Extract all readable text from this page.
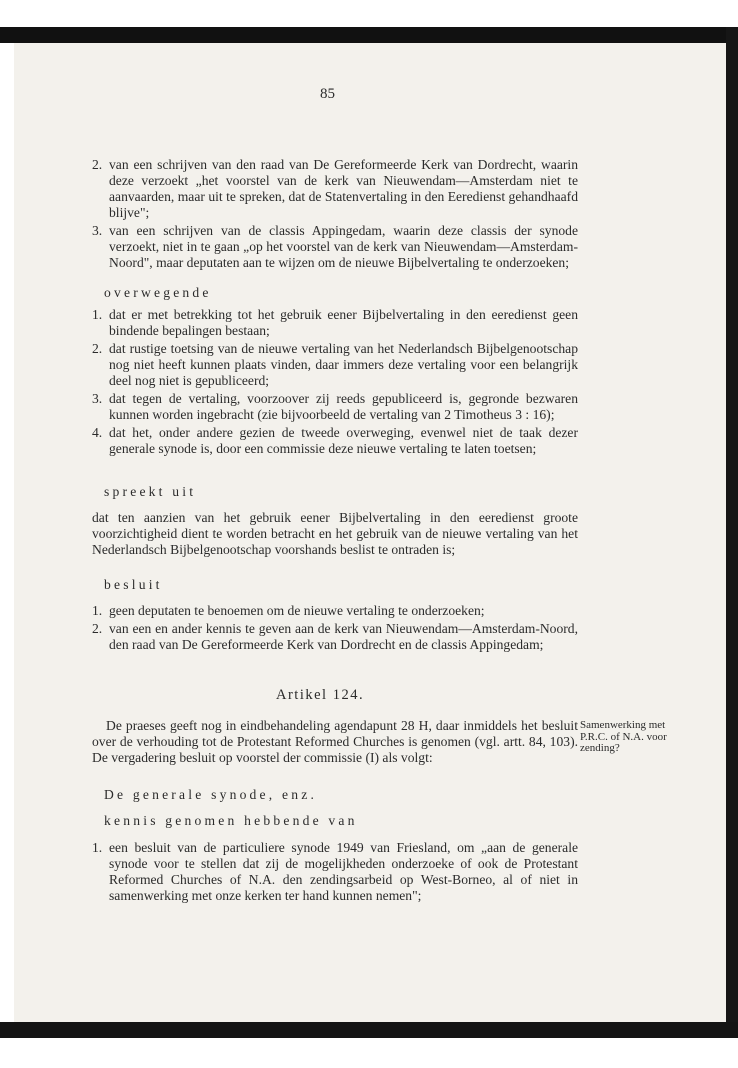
85
2. van een schrijven van den raad van De Gereformeerde Kerk van Dordrecht, waarin deze verzoekt „het voorstel van de kerk van Nieuwendam—Amsterdam niet te aanvaarden, maar uit te spreken, dat de Statenvertaling in den Eeredienst gehandhaafd blijve";
3. van een schrijven van de classis Appingedam, waarin deze classis der synode verzoekt, niet in te gaan „op het voorstel van de kerk van Nieuwendam—Amsterdam-Noord", maar deputaten aan te wijzen om de nieuwe Bijbelvertaling te onderzoeken;
overwegende
1. dat er met betrekking tot het gebruik eener Bijbelvertaling in den eeredienst geen bindende bepalingen bestaan;
2. dat rustige toetsing van de nieuwe vertaling van het Nederlandsch Bijbelgenootschap nog niet heeft kunnen plaats vinden, daar immers deze vertaling voor een belangrijk deel nog niet is gepubliceerd;
3. dat tegen de vertaling, voorzoover zij reeds gepubliceerd is, gegronde bezwaren kunnen worden ingebracht (zie bijvoorbeeld de vertaling van 2 Timotheus 3 : 16);
4. dat het, onder andere gezien de tweede overweging, evenwel niet de taak dezer generale synode is, door een commissie deze nieuwe vertaling te laten toetsen;
spreekt uit

dat ten aanzien van het gebruik eener Bijbelvertaling in den eeredienst groote voorzichtigheid dient te worden betracht en het gebruik van de nieuwe vertaling van het Nederlandsch Bijbelgenootschap voorshands beslist te ontraden is;

besluit
1. geen deputaten te benoemen om de nieuwe vertaling te onderzoeken;
2. van een en ander kennis te geven aan de kerk van Nieuwendam—Amsterdam-Noord, den raad van De Gereformeerde Kerk van Dordrecht en de classis Appingedam;
Artikel 124.

De praeses geeft nog in eindbehandeling agendapunt 28 H, daar inmiddels het besluit over de verhouding tot de Protestant Reformed Churches is genomen (vgl. artt. 84, 103). De vergadering besluit op voorstel der commissie (I) als volgt:

Samenwerking met P.R.C. of N.A. voor zending?
De generale synode, enz.
kennis genomen hebbende van
1. een besluit van de particuliere synode 1949 van Friesland, om „aan de generale synode voor te stellen dat zij de mogelijkheden onderzoeke of ook de Protestant Reformed Churches of N.A. den zendingsarbeid op West-Borneo, al of niet in samenwerking met onze kerken ter hand kunnen nemen";
